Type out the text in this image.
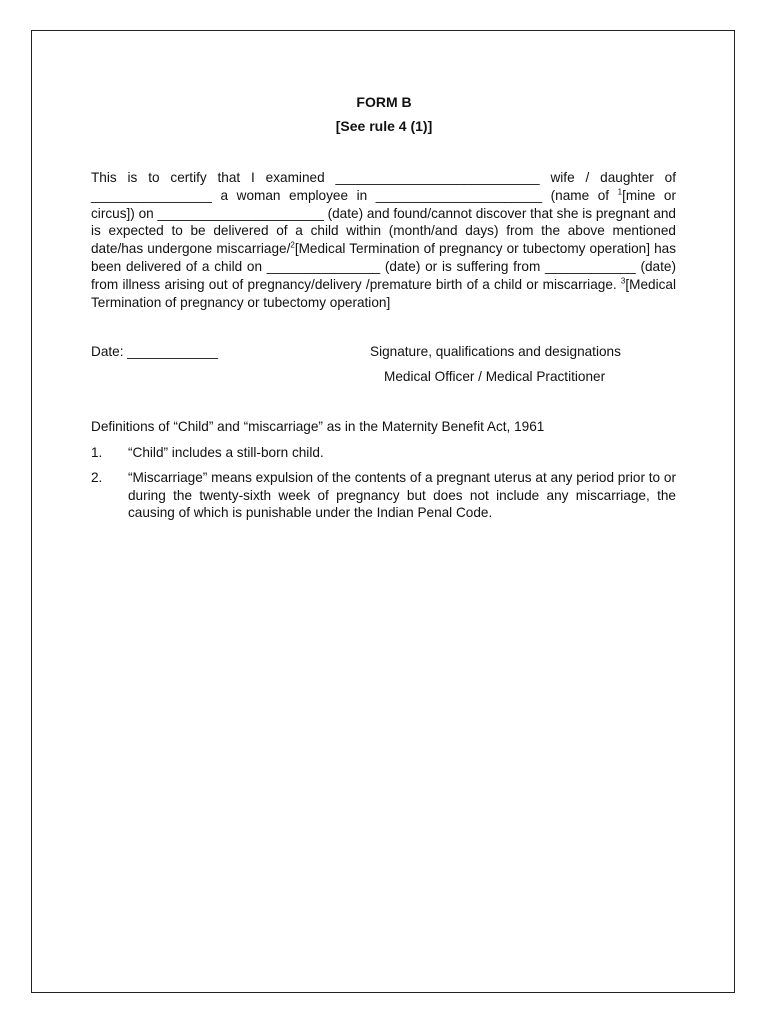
FORM B
[See rule 4 (1)]
This is to certify that I examined ___________________________ wife / daughter of ________________ a woman employee in ______________________ (name of $^1$[mine or circus]) on ______________________ (date) and found/cannot discover that she is pregnant and is expected to be delivered of a child within (month/and days) from the above mentioned date/has undergone miscarriage/$^2$[Medical Termination of pregnancy or tubectomy operation] has been delivered of a child on _______________ (date) or is suffering from ____________ (date) from illness arising out of pregnancy/delivery /premature birth of a child or miscarriage. $^3$[Medical Termination of pregnancy or tubectomy operation]
Date: ____________	Signature, qualifications and designations
Medical Officer / Medical Practitioner
Definitions of “Child” and “miscarriage” as in the Maternity Benefit Act, 1961
1.	“Child” includes a still-born child.
2.	“Miscarriage” means expulsion of the contents of a pregnant uterus at any period prior to or during the twenty-sixth week of pregnancy but does not include any miscarriage, the causing of which is punishable under the Indian Penal Code.
